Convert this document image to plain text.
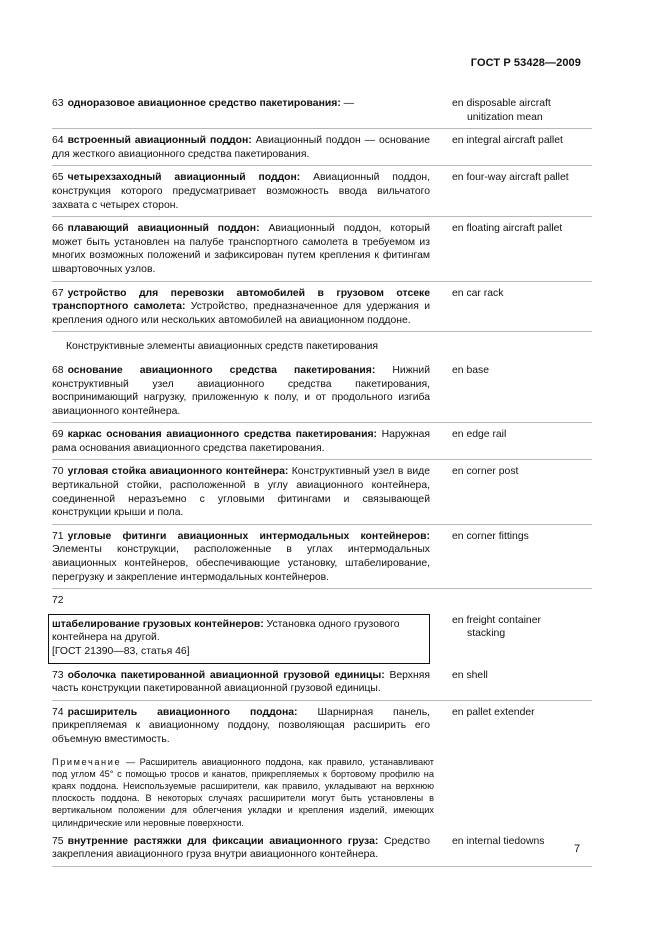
ГОСТ Р 53428—2009
63 одноразовое авиационное средство пакетирования: —	en disposable aircraft
unitization mean
64 встроенный авиационный поддон: Авиационный поддон — основание для жесткого авиационного средства пакетирования.
en integral aircraft pallet
65 четырехзаходный авиационный поддон: Авиационный поддон, конструкция которого предусматривает возможность ввода вильчатого захвата с четырех сторон.
en four-way aircraft pallet
66 плавающий авиационный поддон: Авиационный поддон, который может быть установлен на палубе транспортного самолета в требуемом из многих возможных положений и зафиксирован путем крепления к фитингам швартовочных узлов.
en floating aircraft pallet
67 устройство для перевозки автомобилей в грузовом отсеке транспортного самолета: Устройство, предназначенное для удержания и крепления одного или нескольких автомобилей на авиационном поддоне.
en car rack
Конструктивные элементы авиационных средств пакетирования
68 основание авиационного средства пакетирования: Нижний конструктивный узел авиационного средства пакетирования, воспринимающий нагрузку, приложенную к полу, и от продольного изгиба авиационного контейнера.
en base
69 каркас основания авиационного средства пакетирования: Наружная рама основания авиационного средства пакетирования.
en edge rail
70 угловая стойка авиационного контейнера: Конструктивный узел в виде вертикальной стойки, расположенной в углу авиационного контейнера, соединенной неразъемно с угловыми фитингами и связывающей конструкции крыши и пола.
en corner post
71 угловые фитинги авиационных интермодальных контейнеров: Элементы конструкции, расположенные в углах интермодальных авиационных контейнеров, обеспечивающие установку, штабелирование, перегрузку и закрепление интермодальных контейнеров.
en corner fittings
72
штабелирование грузовых контейнеров: Установка одного грузового контейнера на другой.
[ГОСТ 21390—83, статья 46]
en freight container
stacking
73 оболочка пакетированной авиационной грузовой единицы: Верхняя часть конструкции пакетированной авиационной грузовой единицы.
en shell
74 расширитель авиационного поддона: Шарнирная панель, прикрепляемая к авиационному поддону, позволяющая расширить его объемную вместимость.
en pallet extender
Примечание — Расширитель авиационного поддона, как правило, устанавливают под углом 45° с помощью тросов и канатов, прикрепляемых к бортовому профилю на краях поддона. Неиспользуемые расширители, как правило, укладывают на верхнюю плоскость поддона. В некоторых случаях расширители могут быть установлены в вертикальном положении для облегчения укладки и крепления изделий, имеющих цилиндрические или неровные поверхности.
75 внутренние растяжки для фиксации авиационного груза: Средство закрепления авиационного груза внутри авиационного контейнера.
en internal tiedowns
7
